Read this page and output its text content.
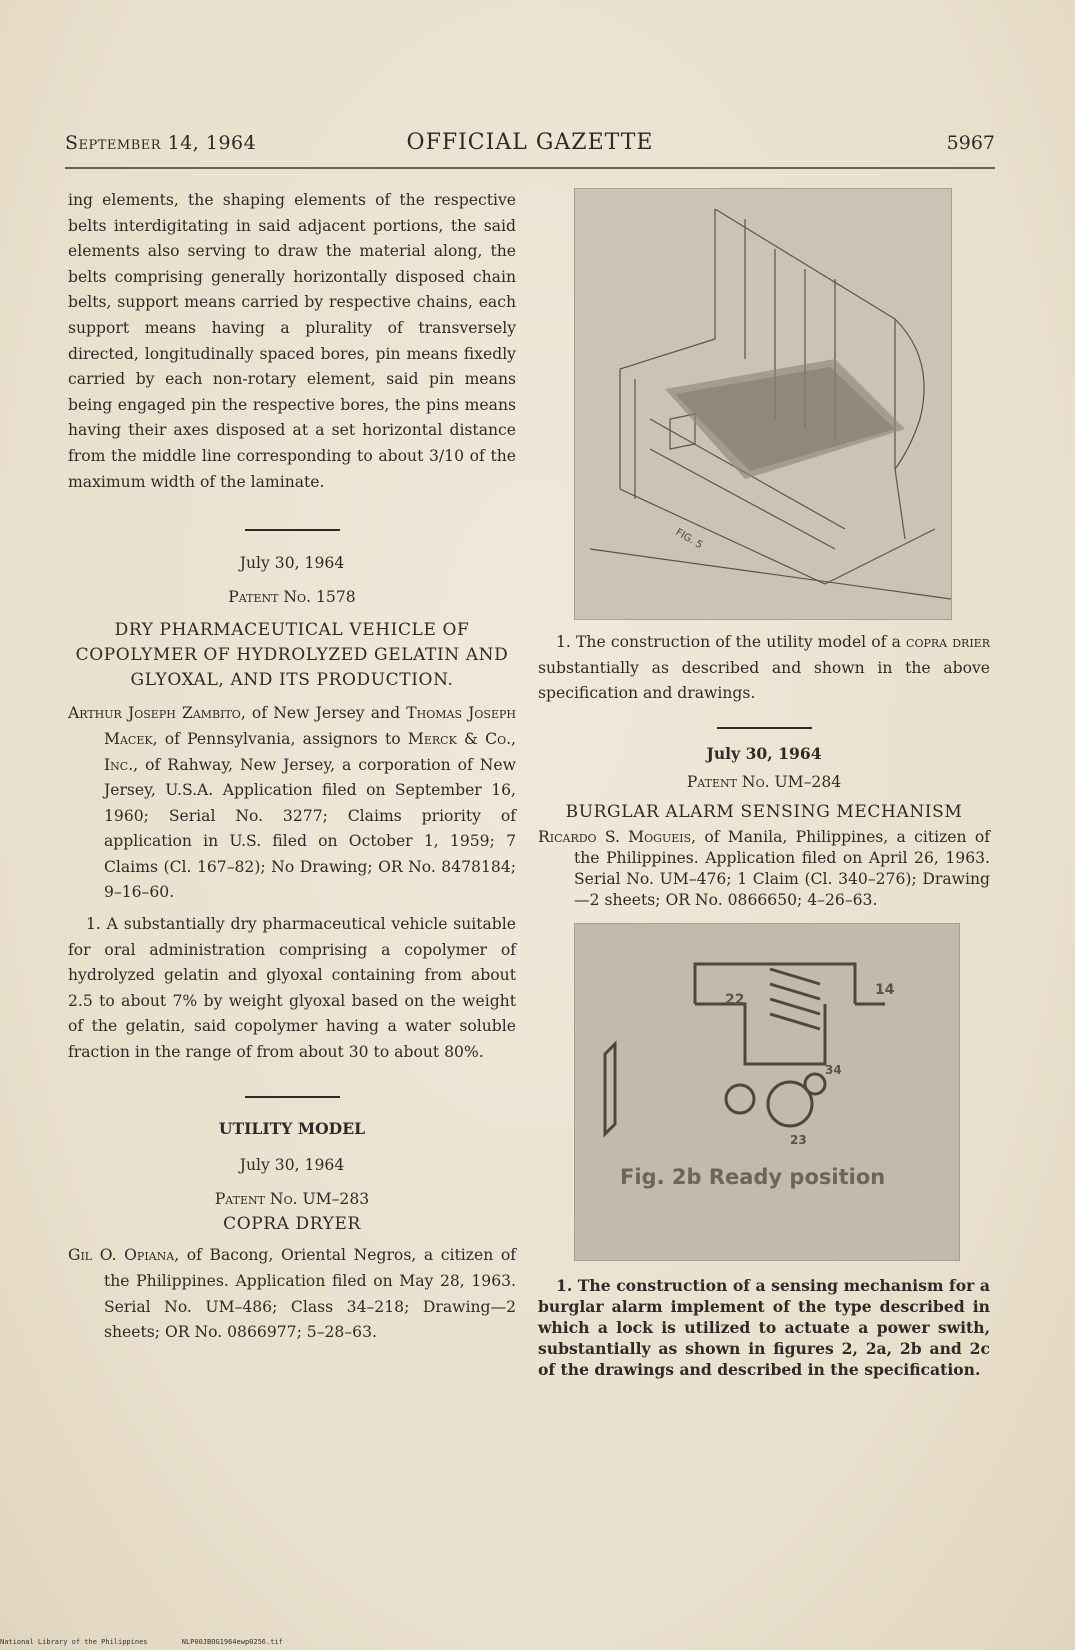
September 14, 1964	OFFICIAL GAZETTE	5967

ing elements, the shaping elements of the respective belts interdigitating in said adjacent portions, the said elements also serving to draw the material along, the belts comprising generally horizontally disposed chain belts, support means carried by respective chains, each support means having a plurality of transversely directed, longitudinally spaced bores, pin means fixedly carried by each non-rotary element, said pin means being engaged pin the respective bores, the pins means having their axes disposed at a set horizontal distance from the middle line corresponding to about 3/10 of the maximum width of the laminate.

July 30, 1964

Patent No. 1578

DRY PHARMACEUTICAL VEHICLE OF COPOLYMER OF HYDROLYZED GELATIN AND GLYOXAL, AND ITS PRODUCTION.

Arthur Joseph Zambito, of New Jersey and Thomas Joseph Macek, of Pennsylvania, assignors to Merck & Co., Inc., of Rahway, New Jersey, a corporation of New Jersey, U.S.A. Application filed on September 16, 1960; Serial No. 3277; Claims priority of application in U.S. filed on October 1, 1959; 7 Claims (Cl. 167–82); No Drawing; OR No. 8478184; 9–16–60.

1. A substantially dry pharmaceutical vehicle suitable for oral administration comprising a copolymer of hydrolyzed gelatin and glyoxal containing from about 2.5 to about 7% by weight glyoxal based on the weight of the gelatin, said copolymer having a water soluble fraction in the range of from about 30 to about 80%.

UTILITY MODEL

July 30, 1964

Patent No. UM–283

COPRA DRYER

Gil O. Opiana, of Bacong, Oriental Negros, a citizen of the Philippines. Application filed on May 28, 1963. Serial No. UM–486; Class 34–218; Drawing—2 sheets; OR No. 0866977; 5–28–63.

FIG. 5

1. The construction of the utility model of a copra drier substantially as described and shown in the above specification and drawings.

July 30, 1964

Patent No. UM–284

BURGLAR ALARM SENSING MECHANISM

Ricardo S. Mogueis, of Manila, Philippines, a citizen of the Philippines. Application filed on April 26, 1963. Serial No. UM–476; 1 Claim (Cl. 340–276); Drawing—2 sheets; OR No. 0866650; 4–26–63.

22
14
34
23
Fig. 2b Ready position

1. The construction of a sensing mechanism for a burglar alarm implement of the type described in which a lock is utilized to actuate a power swith, substantially as shown in figures 2, 2a, 2b and 2c of the drawings and described in the specification.

National Library of the Philippines	NLP00JBOG1964ewp0256.tif
